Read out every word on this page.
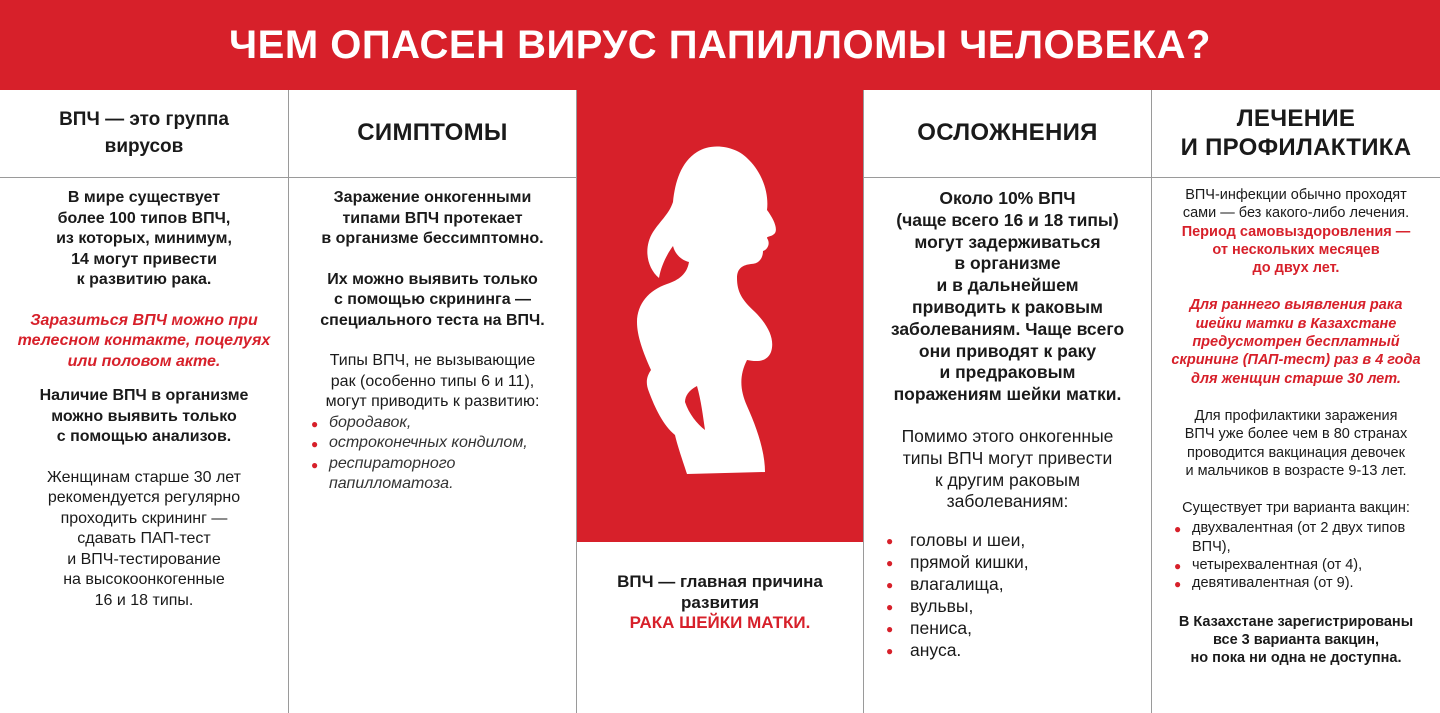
ЧЕМ ОПАСЕН ВИРУС ПАПИЛЛОМЫ ЧЕЛОВЕКА?
ВПЧ — это группа
вирусов
В мире существует
более 100 типов ВПЧ,
из которых, минимум,
14 могут привести
к развитию рака.
Заразиться ВПЧ можно при
телесном контакте, поцелуях
или половом акте.
Наличие ВПЧ в организме
можно выявить только
с помощью анализов.
Женщинам старше 30 лет
рекомендуется регулярно
проходить скрининг —
сдавать ПАП-тест
и ВПЧ-тестирование
на высокоонкогенные
16 и 18 типы.
СИМПТОМЫ
Заражение онкогенными
типами ВПЧ протекает
в организме бессимптомно.
Их можно выявить только
с помощью скрининга —
специального теста на ВПЧ.
Типы ВПЧ, не вызывающие
рак (особенно типы 6 и 11),
могут приводить к развитию:
● бородавок,
● остроконечных кондилом,
● респираторного папилломатоза.
ВПЧ — главная причина
развития
РАКА ШЕЙКИ МАТКИ.
ОСЛОЖНЕНИЯ
Около 10% ВПЧ
(чаще всего 16 и 18 типы)
могут задерживаться
в организме
и в дальнейшем
приводить к раковым
заболеваниям. Чаще всего
они приводят к раку
и предраковым
поражениям шейки матки.
Помимо этого онкогенные
типы ВПЧ могут привести
к другим раковым
заболеваниям:
● головы и шеи,
● прямой кишки,
● влагалища,
● вульвы,
● пениса,
● ануса.
ЛЕЧЕНИЕ
И ПРОФИЛАКТИКА
ВПЧ-инфекции обычно проходят
сами — без какого-либо лечения.
Период самовыздоровления —
от нескольких месяцев
до двух лет.
Для раннего выявления рака
шейки матки в Казахстане
предусмотрен бесплатный
скрининг (ПАП-тест) раз в 4 года
для женщин старше 30 лет.
Для профилактики заражения
ВПЧ уже более чем в 80 странах
проводится вакцинация девочек
и мальчиков в возрасте 9-13 лет.
Существует три варианта вакцин:
● двухвалентная (от 2 двух типов ВПЧ),
● четырехвалентная (от 4),
● девятивалентная (от 9).
В Казахстане зарегистрированы
все 3 варианта вакцин,
но пока ни одна не доступна.
